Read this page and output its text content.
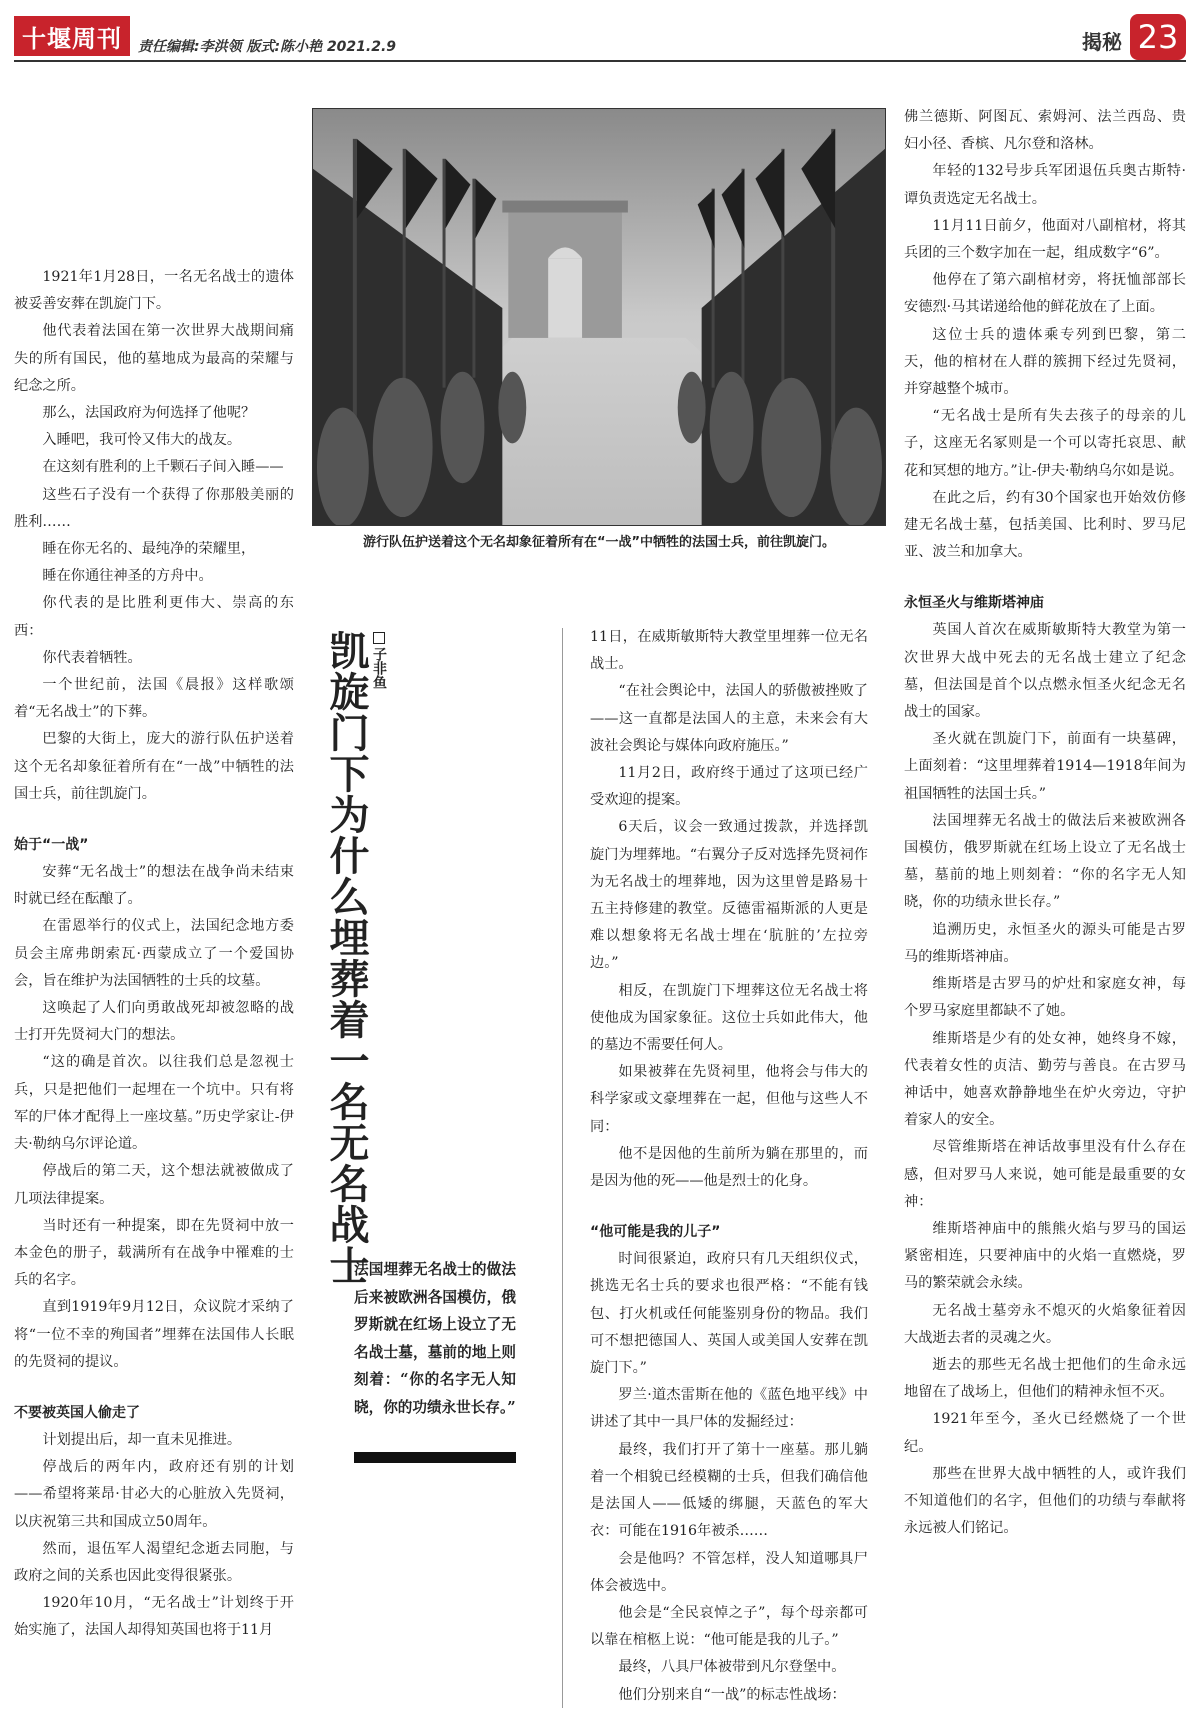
十堰周刊 责任编辑:李洪领 版式:陈小艳 2021.2.9	揭秘 23

1921年1月28日，一名无名战士的遗体被妥善安葬在凯旋门下。

他代表着法国在第一次世界大战期间痛失的所有国民，他的墓地成为最高的荣耀与纪念之所。

那么，法国政府为何选择了他呢？

入睡吧，我可怜又伟大的战友。

在这刻有胜利的上千颗石子间入睡——

这些石子没有一个获得了你那般美丽的胜利……

睡在你无名的、最纯净的荣耀里，

睡在你通往神圣的方舟中。

你代表的是比胜利更伟大、崇高的东西：

你代表着牺牲。

一个世纪前，法国《晨报》这样歌颂着“无名战士”的下葬。

巴黎的大街上，庞大的游行队伍护送着这个无名却象征着所有在“一战”中牺牲的法国士兵，前往凯旋门。

始于“一战”

安葬“无名战士”的想法在战争尚未结束时就已经在酝酿了。

在雷恩举行的仪式上，法国纪念地方委员会主席弗朗索瓦·西蒙成立了一个爱国协会，旨在维护为法国牺牲的士兵的坟墓。

这唤起了人们向勇敢战死却被忽略的战士打开先贤祠大门的想法。

“这的确是首次。以往我们总是忽视士兵，只是把他们一起埋在一个坑中。只有将军的尸体才配得上一座坟墓。”历史学家让-伊夫·勒纳乌尔评论道。

停战后的第二天，这个想法就被做成了几项法律提案。

当时还有一种提案，即在先贤祠中放一本金色的册子，载满所有在战争中罹难的士兵的名字。

直到1919年9月12日，众议院才采纳了将“一位不幸的殉国者”埋葬在法国伟人长眠的先贤祠的提议。

不要被英国人偷走了

计划提出后，却一直未见推进。

停战后的两年内，政府还有别的计划——希望将莱昂·甘必大的心脏放入先贤祠，以庆祝第三共和国成立50周年。

然而，退伍军人渴望纪念逝去同胞，与政府之间的关系也因此变得很紧张。

1920年10月，“无名战士”计划终于开始实施了，法国人却得知英国也将于11月

游行队伍护送着这个无名却象征着所有在“一战”中牺牲的法国士兵，前往凯旋门。
凯旋门下为什么埋葬着一名无名战士 子非鱼
法国埋葬无名战士的做法后来被欧洲各国模仿，俄罗斯就在红场上设立了无名战士墓，墓前的地上则刻着：“你的名字无人知晓，你的功绩永世长存。”

11日，在威斯敏斯特大教堂里埋葬一位无名战士。

“在社会舆论中，法国人的骄傲被挫败了——这一直都是法国人的主意，未来会有大波社会舆论与媒体向政府施压。”

11月2日，政府终于通过了这项已经广受欢迎的提案。

6天后，议会一致通过拨款，并选择凯旋门为埋葬地。“右翼分子反对选择先贤祠作为无名战士的埋葬地，因为这里曾是路易十五主持修建的教堂。反德雷福斯派的人更是难以想象将无名战士埋在‘肮脏的’左拉旁边。”

相反，在凯旋门下埋葬这位无名战士将使他成为国家象征。这位士兵如此伟大，他的墓边不需要任何人。

如果被葬在先贤祠里，他将会与伟大的科学家或文豪埋葬在一起，但他与这些人不同：

他不是因他的生前所为躺在那里的，而是因为他的死——他是烈士的化身。

“他可能是我的儿子”

时间很紧迫，政府只有几天组织仪式，挑选无名士兵的要求也很严格：“不能有钱包、打火机或任何能鉴别身份的物品。我们可不想把德国人、英国人或美国人安葬在凯旋门下。”

罗兰·道杰雷斯在他的《蓝色地平线》中讲述了其中一具尸体的发掘经过：

最终，我们打开了第十一座墓。那儿躺着一个相貌已经模糊的士兵，但我们确信他是法国人——低矮的绑腿，天蓝色的军大衣：可能在1916年被杀……

会是他吗？不管怎样，没人知道哪具尸体会被选中。

他会是“全民哀悼之子”，每个母亲都可以靠在棺柩上说：“他可能是我的儿子。”

最终，八具尸体被带到凡尔登堡中。

他们分别来自“一战”的标志性战场：

佛兰德斯、阿图瓦、索姆河、法兰西岛、贵妇小径、香槟、凡尔登和洛林。

年轻的132号步兵军团退伍兵奥古斯特·谭负责选定无名战士。

11月11日前夕，他面对八副棺材，将其兵团的三个数字加在一起，组成数字“6”。

他停在了第六副棺材旁，将抚恤部部长安德烈·马其诺递给他的鲜花放在了上面。

这位士兵的遗体乘专列到巴黎，第二天，他的棺材在人群的簇拥下经过先贤祠，并穿越整个城市。

“无名战士是所有失去孩子的母亲的儿子，这座无名冢则是一个可以寄托哀思、献花和冥想的地方。”让-伊夫·勒纳乌尔如是说。

在此之后，约有30个国家也开始效仿修建无名战士墓，包括美国、比利时、罗马尼亚、波兰和加拿大。

永恒圣火与维斯塔神庙

英国人首次在威斯敏斯特大教堂为第一次世界大战中死去的无名战士建立了纪念墓，但法国是首个以点燃永恒圣火纪念无名战士的国家。

圣火就在凯旋门下，前面有一块墓碑，上面刻着：“这里埋葬着1914—1918年间为祖国牺牲的法国士兵。”

法国埋葬无名战士的做法后来被欧洲各国模仿，俄罗斯就在红场上设立了无名战士墓，墓前的地上则刻着：“你的名字无人知晓，你的功绩永世长存。”

追溯历史，永恒圣火的源头可能是古罗马的维斯塔神庙。

维斯塔是古罗马的炉灶和家庭女神，每个罗马家庭里都缺不了她。

维斯塔是少有的处女神，她终身不嫁，代表着女性的贞洁、勤劳与善良。在古罗马神话中，她喜欢静静地坐在炉火旁边，守护着家人的安全。

尽管维斯塔在神话故事里没有什么存在感，但对罗马人来说，她可能是最重要的女神：

维斯塔神庙中的熊熊火焰与罗马的国运紧密相连，只要神庙中的火焰一直燃烧，罗马的繁荣就会永续。

无名战士墓旁永不熄灭的火焰象征着因大战逝去者的灵魂之火。

逝去的那些无名战士把他们的生命永远地留在了战场上，但他们的精神永恒不灭。

1921年至今，圣火已经燃烧了一个世纪。

那些在世界大战中牺牲的人，或许我们不知道他们的名字，但他们的功绩与奉献将永远被人们铭记。
